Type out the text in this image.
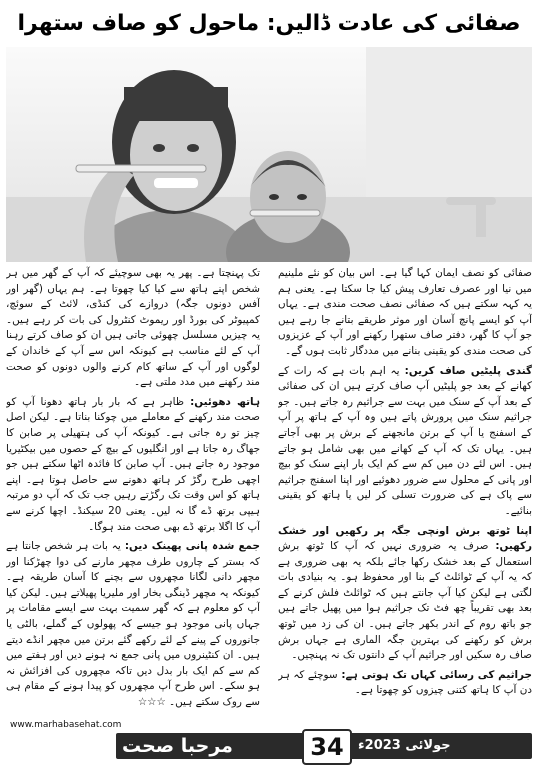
صفائی کی عادت ڈالیں: ماحول کو صاف ستھرا

صفائی کو نصف ایمان کہا گیا ہے۔ اس بیان کو نئے ملینیم میں نیا اور عصرف تعارف پیش کیا جا سکتا ہے۔ یعنی ہم یہ کہہ سکتے ہیں کہ صفائی نصف صحت مندی ہے۔ یہاں آپ کو ایسے پانچ آسان اور موثر طریقے بتانے جا رہے ہیں جو آپ کا گھر، دفتر صاف ستھرا رکھنے اور آپ کے عزیزوں کی صحت مندی کو یقینی بنانے میں مددگار ثابت ہوں گے۔

گندی پلیٹیں صاف کریں: یہ اہم بات ہے کہ رات کے کھانے کے بعد جو پلیٹیں آپ صاف کرتے ہیں ان کی صفائی کے بعد آپ کے سنک میں بہت سے جراثیم رہ جاتے ہیں۔ جو جراثیم سنک میں پرورش پاتے ہیں وہ آپ کے ہاتھ پر آپ کے اسفنج یا آپ کے برتن مانجھنے کے برش پر بھی آجاتے ہیں۔ یہاں تک کہ آپ کے کھانے میں بھی شامل ہو جاتے ہیں۔ اس لئے دن میں کم سے کم ایک بار اپنے سنک کو بیچ اور پانی کے محلول سے ضرور دھوئیے اور اپنا اسفنج جراثیم سے پاک ہے کی ضرورت تسلی کر لیں یا ہاتھ کو یقینی بنائیے۔

اپنا ٹوتھ برش اونچی جگہ پر رکھیں اور خشک رکھیں: صرف یہ ضروری نہیں کہ آپ کا ٹوتھ برش استعمال کے بعد خشک رکھا جائے بلکہ یہ بھی ضروری ہے کہ یہ آپ کے ٹوائلٹ کے بنا اور محفوظ ہو۔ یہ بنیادی بات لگتی ہے لیکن کیا آپ جانتے ہیں کہ ٹوائلٹ فلش کرنے کے بعد بھی تقریباً چھ فٹ تک جراثیم ہوا میں پھیل جاتے ہیں جو باتھ روم کے اندر بکھر جاتے ہیں۔ ان کی زد میں ٹوتھ برش کو رکھنے کی بہترین جگہ الماری ہے جہاں برش صاف رہ سکیں اور جراثیم آپ کے دانتوں تک نہ پہنچیں۔

جراثیم کی رسائی کہاں تک ہوتی ہے: سوچئے کہ ہر دن آپ کا ہاتھ کتنی چیزوں کو چھوتا ہے۔

تک پہنچتا ہے۔ پھر یہ بھی سوچیئے کہ آپ کے گھر میں ہر شخص اپنے ہاتھ سے کیا کیا چھوتا ہے۔ ہم یہاں (گھر اور آفس دونوں جگہ) دروازے کی کنڈی، لائٹ کے سوئچ، کمپیوٹر کی بورڈ اور ریموٹ کنٹرول کی بات کر رہے ہیں۔ یہ چیزیں مسلسل چھوئی جاتی ہیں ان کو صاف کرتے رہنا آپ کے لئے مناسب ہے کیونکہ اس سے آپ کے خاندان کے لوگوں اور آپ کے ساتھ کام کرنے والوں دونوں کو صحت مند رکھنے میں مدد ملتی ہے۔

ہاتھ دھوئیں: ظاہر ہے کہ بار بار ہاتھ دھونا آپ کو صحت مند رکھنے کے معاملے میں چوکنا بناتا ہے۔ لیکن اصل چیز تو رہ جاتی ہے۔ کیونکہ آپ کی ہتھیلی پر صابن کا جھاگ رہ جاتا ہے اور انگلیوں کے بیچ کے حصوں میں بیکٹیریا موجود رہ جاتے ہیں۔ آپ صابن کا فائدہ اٹھا سکتے ہیں جو اچھی طرح رگڑ کر ہاتھ دھونے سے حاصل ہوتا ہے۔ اپنے ہاتھ کو اس وقت تک رگڑتے رہیں جب تک کہ آپ دو مرتبہ ہیپی برتھ ڈے گا نہ لیں۔ یعنی 20 سیکنڈ۔ اچھا کرنے سے آپ کا اگلا برتھ ڈے بھی صحت مند ہوگا۔

جمع شدہ پانی پھینک دیں: یہ بات ہر شخص جانتا ہے کہ بستر کے چاروں طرف مچھر مارنے کی دوا چھڑکنا اور مچھر دانی لگانا مچھروں سے بچنے کا آسان طریقہ ہے۔ کیونکہ یہ مچھر ڈینگی بخار اور ملیریا پھیلاتے ہیں۔ لیکن کیا آپ کو معلوم ہے کہ گھر سمیت بہت سے ایسے مقامات پر جہاں پانی موجود ہو جیسے کہ پھولوں کے گملے، بالٹی یا جانوروں کے پینے کے لئے رکھے گئے برتن میں مچھر انڈے دیتے ہیں۔ ان کنٹینروں میں پانی جمع نہ ہونے دیں اور ہفتے میں کم سے کم ایک بار بدل دیں تاکہ مچھروں کی افزائش نہ ہو سکے۔ اس طرح آپ مچھروں کو پیدا ہونے کے مقام ہی سے روک سکتے ہیں۔ ☆☆☆

www.marhabasehat.com
مرحبا صحت	34	جولائی 2023ء
